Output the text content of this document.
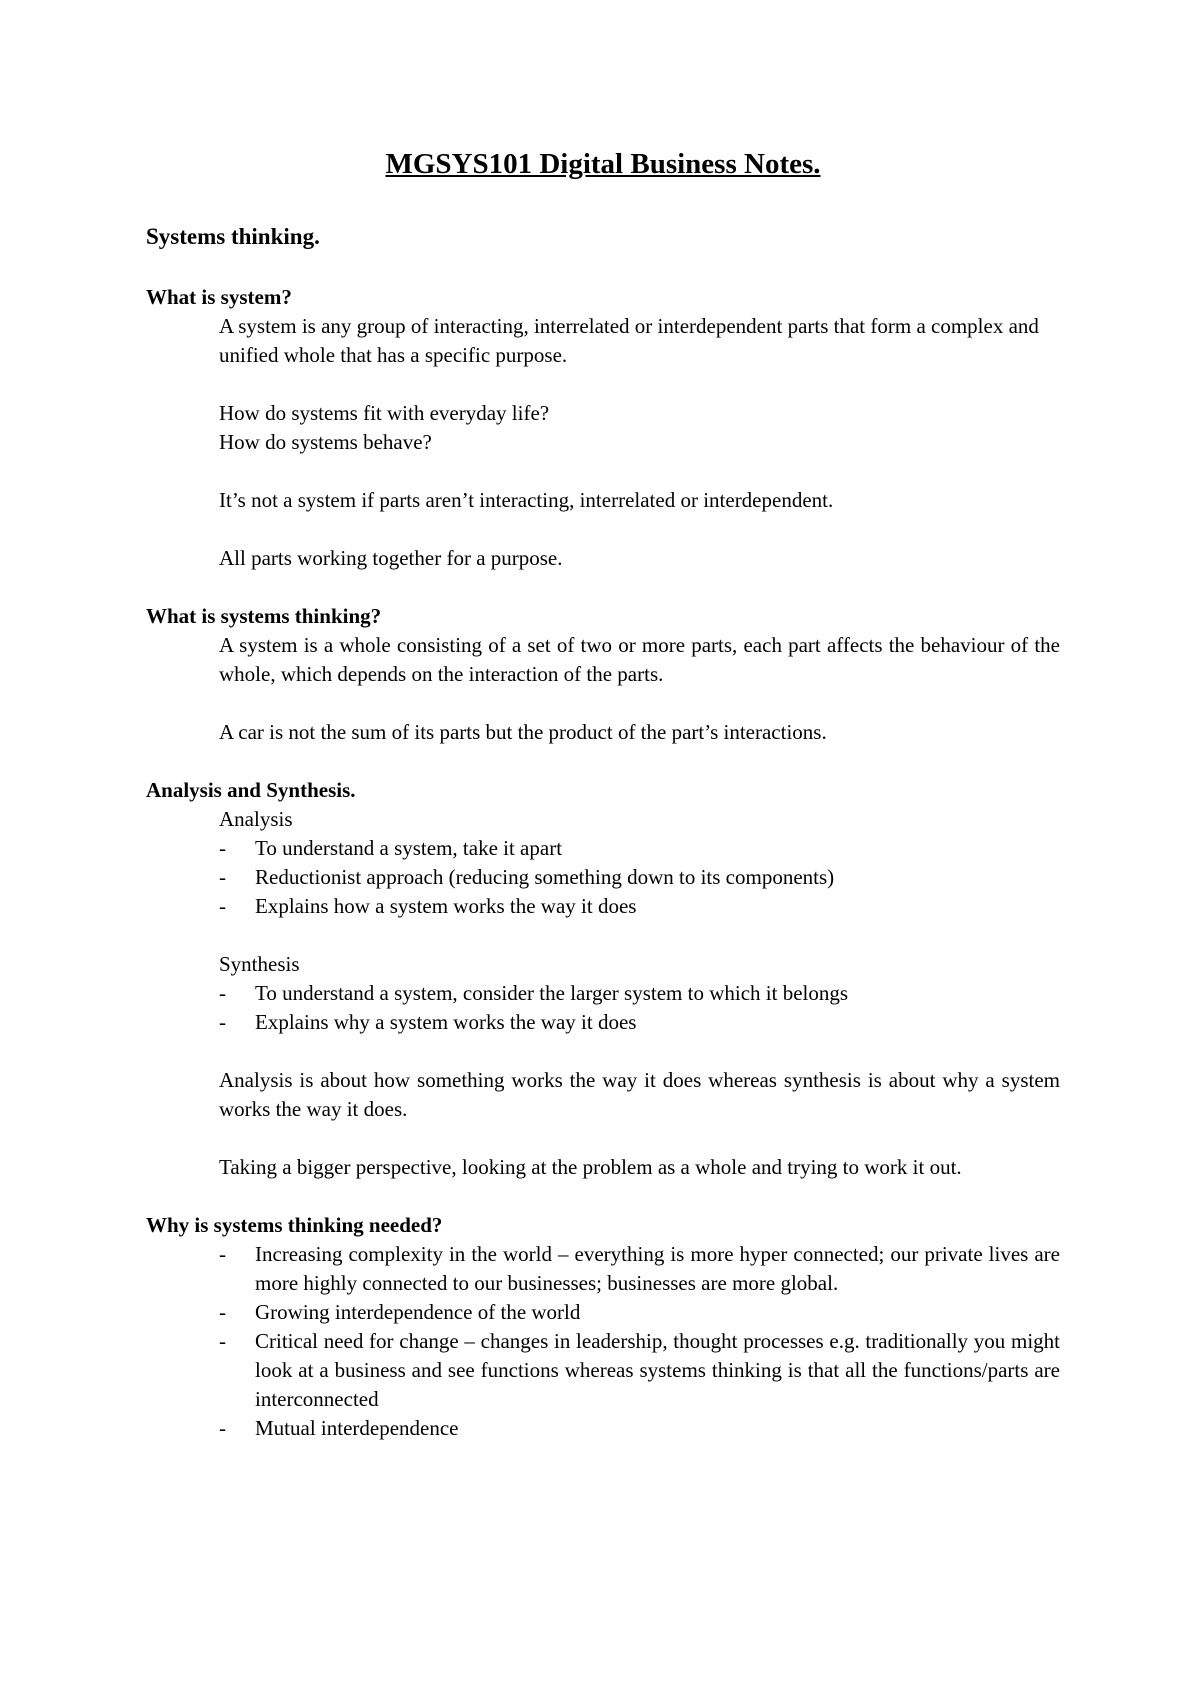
MGSYS101 Digital Business Notes.
Systems thinking.

What is system?

A system is any group of interacting, interrelated or interdependent parts that form a complex and unified whole that has a specific purpose.

How do systems fit with everyday life?

How do systems behave?

It’s not a system if parts aren’t interacting, interrelated or interdependent.

All parts working together for a purpose.

What is systems thinking?

A system is a whole consisting of a set of two or more parts, each part affects the behaviour of the whole, which depends on the interaction of the parts.

A car is not the sum of its parts but the product of the part’s interactions.

Analysis and Synthesis.

Analysis

- To understand a system, take it apart
- Reductionist approach (reducing something down to its components)
- Explains how a system works the way it does

Synthesis

- To understand a system, consider the larger system to which it belongs
- Explains why a system works the way it does

Analysis is about how something works the way it does whereas synthesis is about why a system works the way it does.

Taking a bigger perspective, looking at the problem as a whole and trying to work it out.

Why is systems thinking needed?

- Increasing complexity in the world – everything is more hyper connected; our private lives are more highly connected to our businesses; businesses are more global.
- Growing interdependence of the world
- Critical need for change – changes in leadership, thought processes e.g. traditionally you might look at a business and see functions whereas systems thinking is that all the functions/parts are interconnected
- Mutual interdependence
